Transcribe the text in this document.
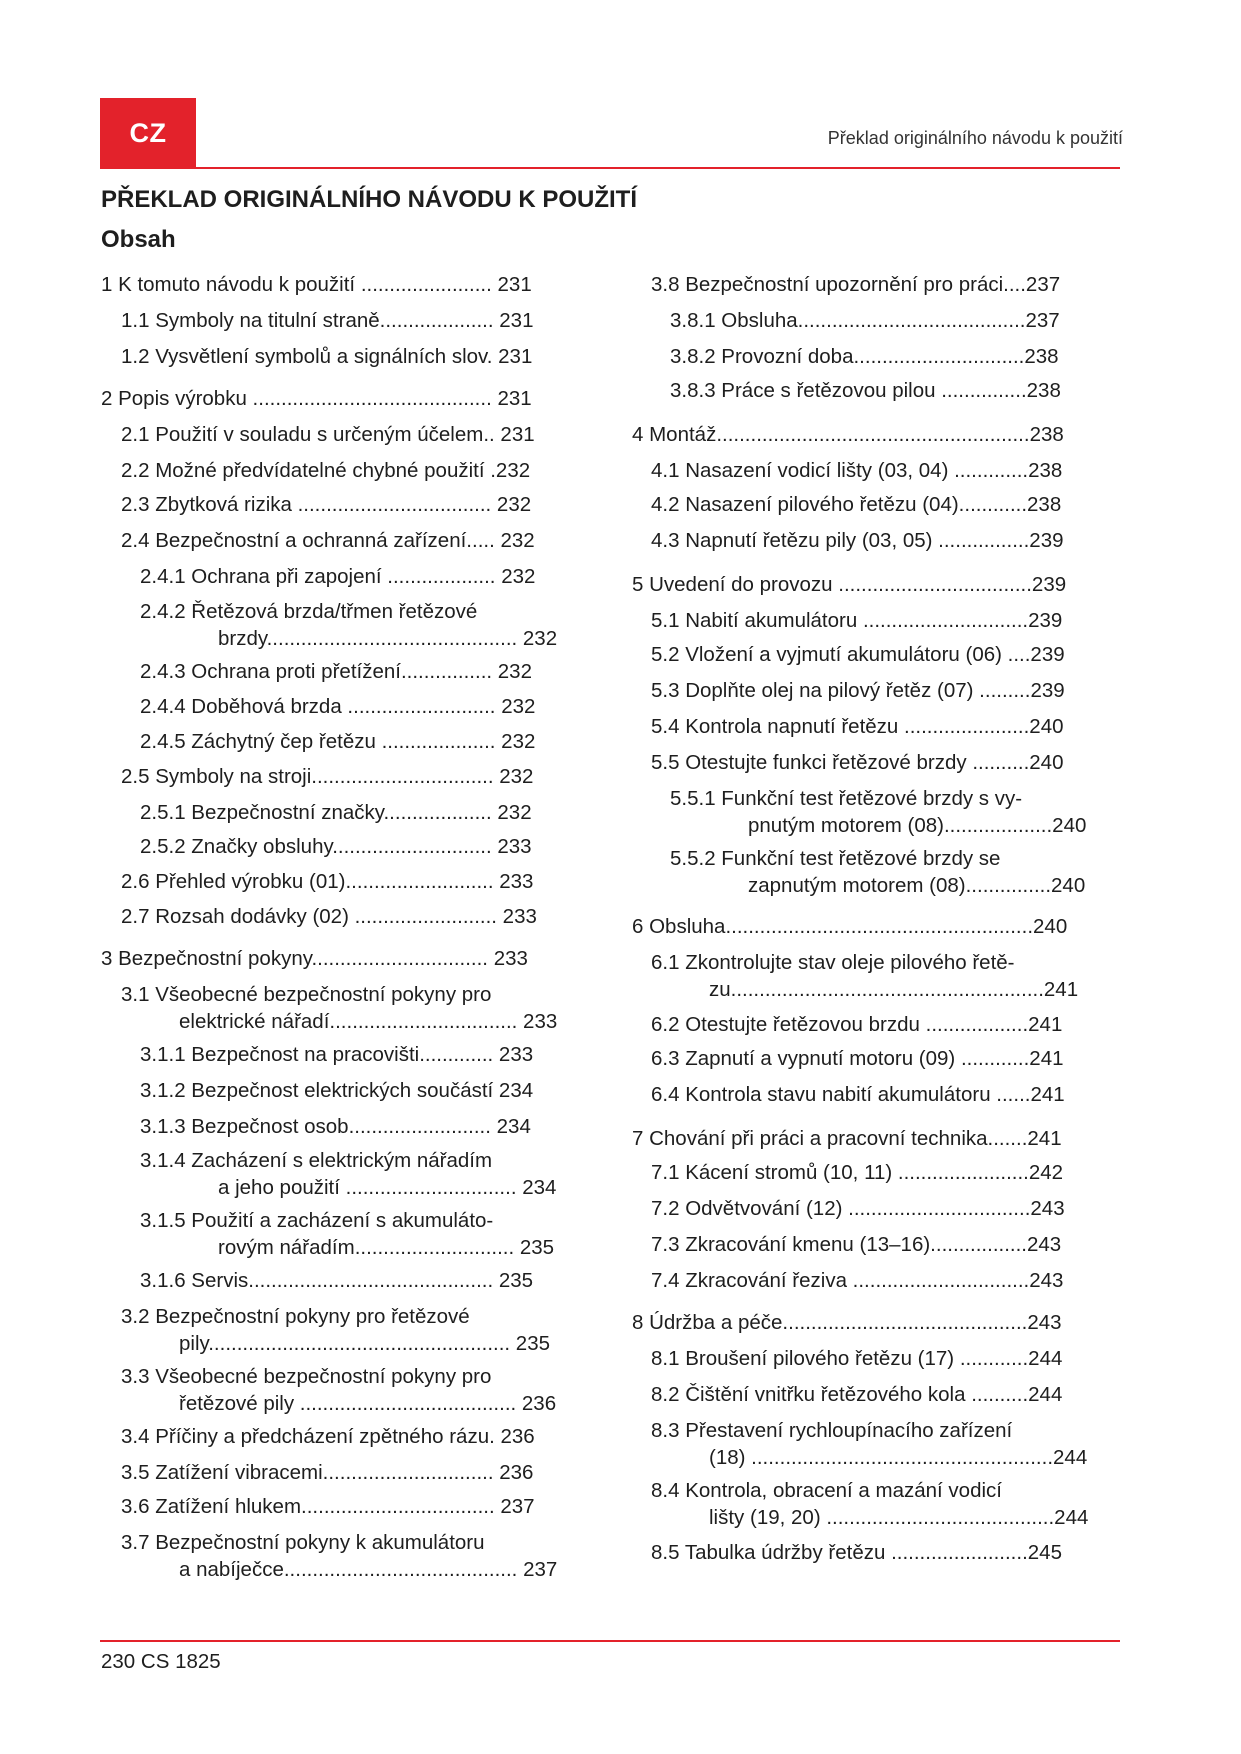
CZ	Překlad originálního návodu k použití
PŘEKLAD ORIGINÁLNÍHO NÁVODU K POUŽITÍ
Obsah
1 K tomuto návodu k použití ....................... 231
1.1 Symboly na titulní straně.................... 231
1.2 Vysvětlení symbolů a signálních slov. 231
2 Popis výrobku .......................................... 231
2.1 Použití v souladu s určeným účelem.. 231
2.2 Možné předvídatelné chybné použití .232
2.3 Zbytková rizika .................................. 232
2.4 Bezpečnostní a ochranná zařízení..... 232
2.4.1 Ochrana při zapojení ................... 232
2.4.2 Řetězová brzda/třmen řetězové
brzdy............................................ 232
2.4.3 Ochrana proti přetížení................ 232
2.4.4 Doběhová brzda .......................... 232
2.4.5 Záchytný čep řetězu .................... 232
2.5 Symboly na stroji................................ 232
2.5.1 Bezpečnostní značky................... 232
2.5.2 Značky obsluhy............................ 233
2.6 Přehled výrobku (01).......................... 233
2.7 Rozsah dodávky (02) ......................... 233
3 Bezpečnostní pokyny............................... 233
3.1 Všeobecné bezpečnostní pokyny pro
elektrické nářadí................................. 233
3.1.1 Bezpečnost na pracovišti............. 233
3.1.2 Bezpečnost elektrických součástí 234
3.1.3 Bezpečnost osob......................... 234
3.1.4 Zacházení s elektrickým nářadím
a jeho použití .............................. 234
3.1.5 Použití a zacházení s akumuláto-
rovým nářadím............................ 235
3.1.6 Servis........................................... 235
3.2 Bezpečnostní pokyny pro řetězové
pily..................................................... 235
3.3 Všeobecné bezpečnostní pokyny pro
řetězové pily ...................................... 236
3.4 Příčiny a předcházení zpětného rázu. 236
3.5 Zatížení vibracemi.............................. 236
3.6 Zatížení hlukem.................................. 237
3.7 Bezpečnostní pokyny k akumulátoru
a nabíječce......................................... 237
3.8 Bezpečnostní upozornění pro práci....237
3.8.1 Obsluha........................................237
3.8.2 Provozní doba..............................238
3.8.3 Práce s řetězovou pilou ...............238
4 Montáž.......................................................238
4.1 Nasazení vodicí lišty (03, 04) .............238
4.2 Nasazení pilového řetězu (04)............238
4.3 Napnutí řetězu pily (03, 05) ................239
5 Uvedení do provozu ..................................239
5.1 Nabití akumulátoru .............................239
5.2 Vložení a vyjmutí akumulátoru (06) ....239
5.3 Doplňte olej na pilový řetěz (07) .........239
5.4 Kontrola napnutí řetězu ......................240
5.5 Otestujte funkci řetězové brzdy ..........240
5.5.1 Funkční test řetězové brzdy s vy-
pnutým motorem (08)...................240
5.5.2 Funkční test řetězové brzdy se
zapnutým motorem (08)...............240
6 Obsluha......................................................240
6.1 Zkontrolujte stav oleje pilového řetě-
zu.......................................................241
6.2 Otestujte řetězovou brzdu ..................241
6.3 Zapnutí a vypnutí motoru (09) ............241
6.4 Kontrola stavu nabití akumulátoru ......241
7 Chování při práci a pracovní technika.......241
7.1 Kácení stromů (10, 11) .......................242
7.2 Odvětvování (12) ................................243
7.3 Zkracování kmenu (13–16).................243
7.4 Zkracování řeziva ...............................243
8 Údržba a péče...........................................243
8.1 Broušení pilového řetězu (17) ............244
8.2 Čištění vnitřku řetězového kola ..........244
8.3 Přestavení rychloupínacího zařízení
(18) .....................................................244
8.4 Kontrola, obracení a mazání vodicí
lišty (19, 20) ........................................244
8.5 Tabulka údržby řetězu ........................245
230 CS 1825
